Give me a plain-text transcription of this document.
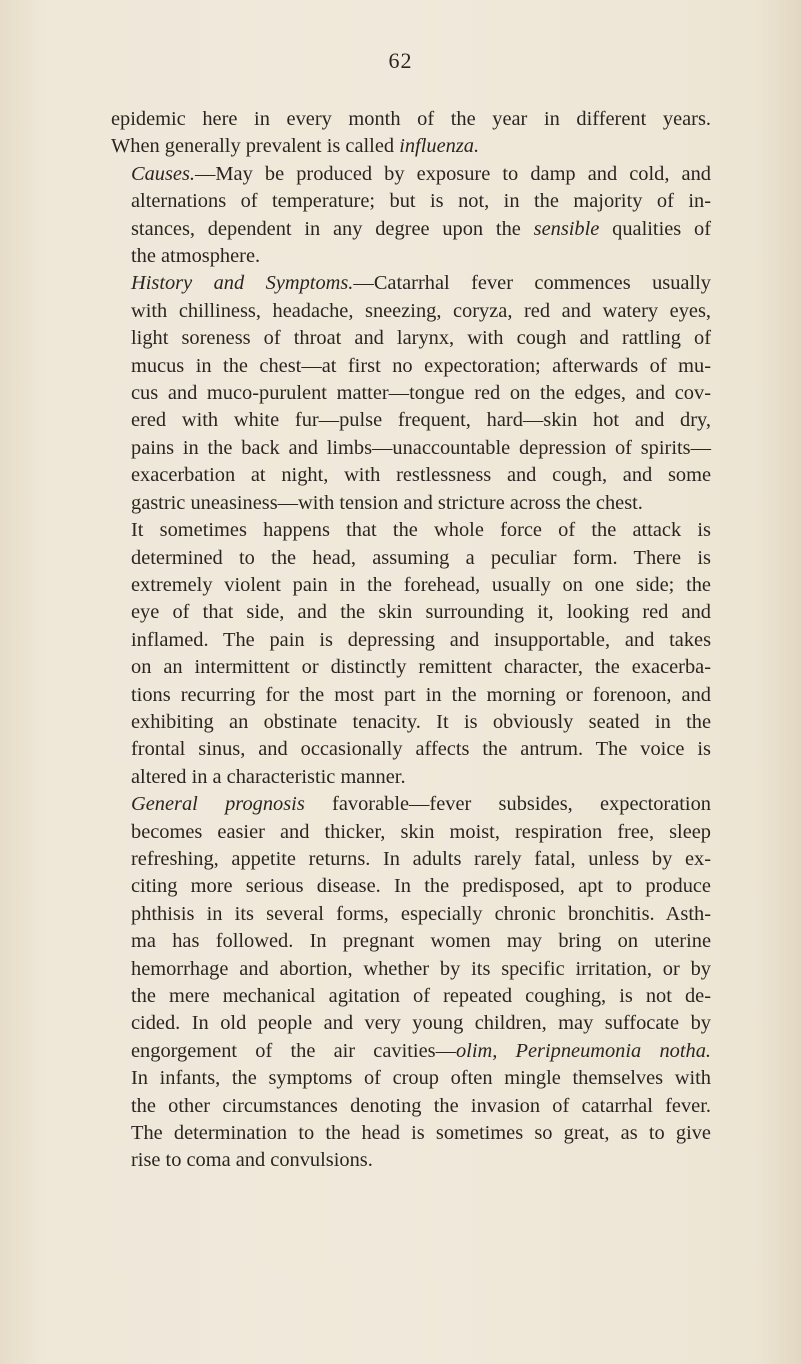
62

epidemic here in every month of the year in different years.
When generally prevalent is called influenza.

Causes.—May be produced by exposure to damp and cold, and
alternations of temperature; but is not, in the majority of in-
stances, dependent in any degree upon the sensible qualities of
the atmosphere.

History and Symptoms.—Catarrhal fever commences usually
with chilliness, headache, sneezing, coryza, red and watery eyes,
light soreness of throat and larynx, with cough and rattling of
mucus in the chest—at first no expectoration; afterwards of mu-
cus and muco-purulent matter—tongue red on the edges, and cov-
ered with white fur—pulse frequent, hard—skin hot and dry,
pains in the back and limbs—unaccountable depression of spirits—
exacerbation at night, with restlessness and cough, and some
gastric uneasiness—with tension and stricture across the chest.

It sometimes happens that the whole force of the attack is
determined to the head, assuming a peculiar form. There is
extremely violent pain in the forehead, usually on one side; the
eye of that side, and the skin surrounding it, looking red and
inflamed. The pain is depressing and insupportable, and takes
on an intermittent or distinctly remittent character, the exacerba-
tions recurring for the most part in the morning or forenoon, and
exhibiting an obstinate tenacity. It is obviously seated in the
frontal sinus, and occasionally affects the antrum. The voice is
altered in a characteristic manner.

General prognosis favorable—fever subsides, expectoration
becomes easier and thicker, skin moist, respiration free, sleep
refreshing, appetite returns. In adults rarely fatal, unless by ex-
citing more serious disease. In the predisposed, apt to produce
phthisis in its several forms, especially chronic bronchitis. Asth-
ma has followed. In pregnant women may bring on uterine
hemorrhage and abortion, whether by its specific irritation, or by
the mere mechanical agitation of repeated coughing, is not de-
cided. In old people and very young children, may suffocate by
engorgement of the air cavities—olim, Peripneumonia notha.
In infants, the symptoms of croup often mingle themselves with
the other circumstances denoting the invasion of catarrhal fever.
The determination to the head is sometimes so great, as to give
rise to coma and convulsions.
